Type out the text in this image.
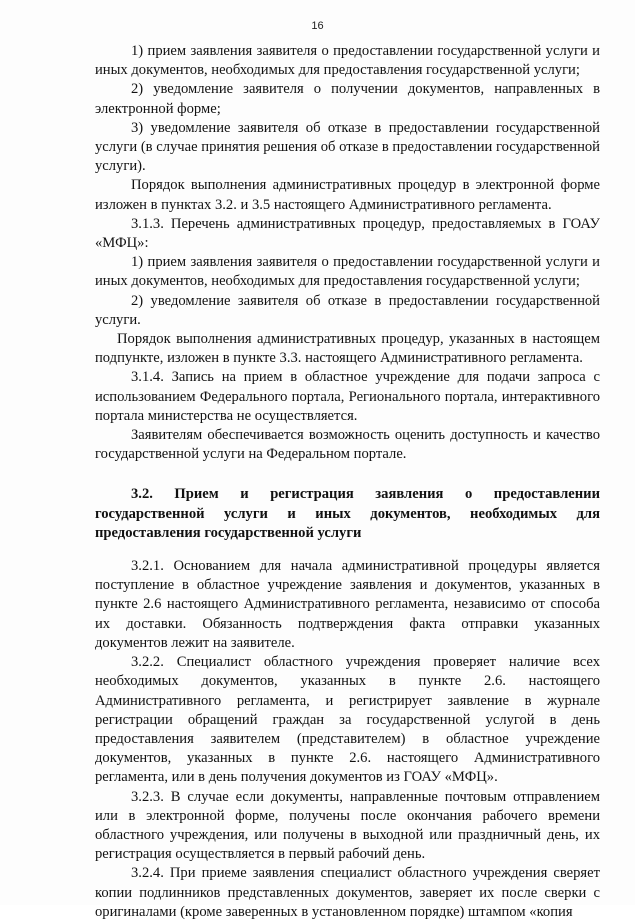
16

1) прием заявления заявителя о предоставлении государственной услуги и иных документов, необходимых для предоставления государственной услуги;

2) уведомление заявителя о получении документов, направленных в электронной форме;

3) уведомление заявителя об отказе в предоставлении государственной услуги (в случае принятия решения об отказе в предоставлении государственной услуги).

Порядок выполнения административных процедур в электронной форме изложен в пунктах 3.2. и 3.5 настоящего Административного регламента.

3.1.3. Перечень административных процедур, предоставляемых в ГОАУ «МФЦ»:

1) прием заявления заявителя о предоставлении государственной услуги и иных документов, необходимых для предоставления государственной услуги;

2) уведомление заявителя об отказе в предоставлении государственной услуги.

Порядок выполнения административных процедур, указанных в настоящем подпункте, изложен в пункте 3.3. настоящего Административного регламента.

3.1.4. Запись на прием в областное учреждение для подачи запроса с использованием Федерального портала, Регионального портала, интерактивного портала министерства не осуществляется.

Заявителям обеспечивается возможность оценить доступность и качество государственной услуги на Федеральном портале.

3.2. Прием и регистрация заявления о предоставлении государственной услуги и иных документов, необходимых для предоставления государственной услуги

3.2.1. Основанием для начала административной процедуры является поступление в областное учреждение заявления и документов, указанных в пункте 2.6 настоящего Административного регламента, независимо от способа их доставки. Обязанность подтверждения факта отправки указанных документов лежит на заявителе.

3.2.2. Специалист областного учреждения проверяет наличие всех необходимых документов, указанных в пункте 2.6. настоящего Административного регламента, и регистрирует заявление в журнале регистрации обращений граждан за государственной услугой в день предоставления заявителем (представителем) в областное учреждение документов, указанных в пункте 2.6. настоящего Административного регламента, или в день получения документов из ГОАУ «МФЦ».

3.2.3. В случае если документы, направленные почтовым отправлением или в электронной форме, получены после окончания рабочего времени областного учреждения, или получены в выходной или праздничный день, их регистрация осуществляется в первый рабочий день.

3.2.4. При приеме заявления специалист областного учреждения сверяет копии подлинников представленных документов, заверяет их после сверки с оригиналами (кроме заверенных в установленном порядке) штампом «копия
